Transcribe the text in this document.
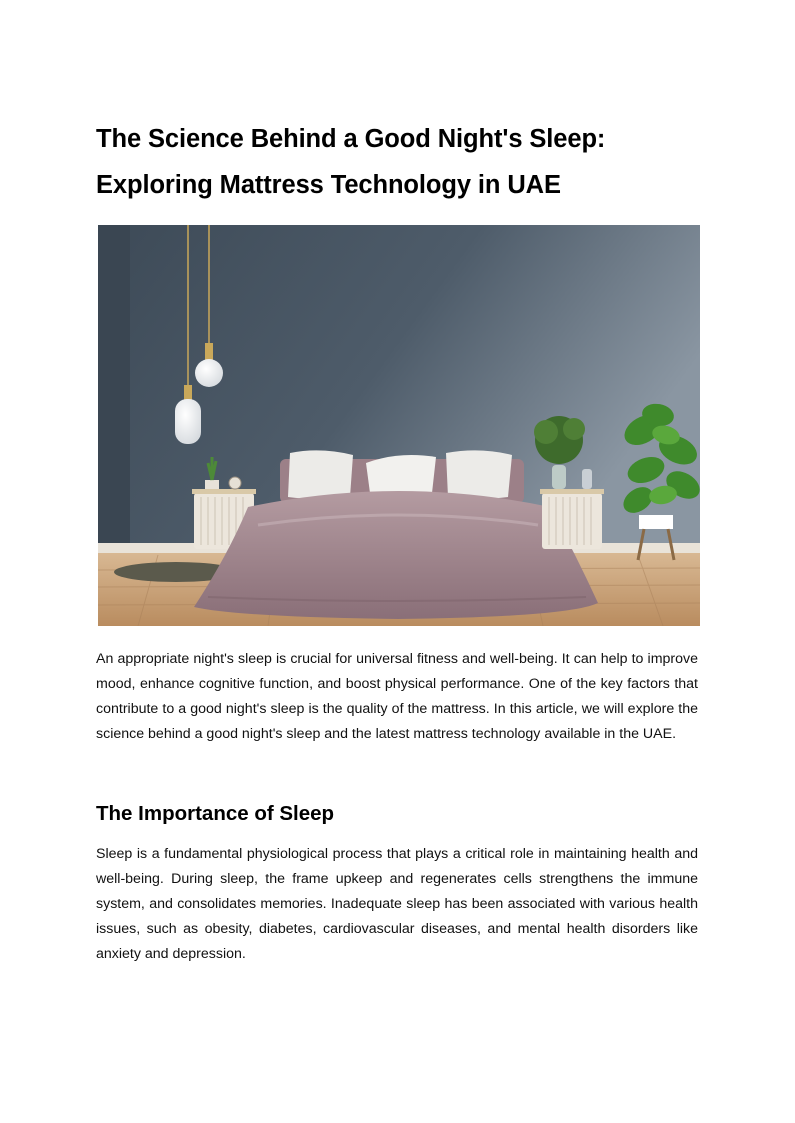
The Science Behind a Good Night's Sleep: Exploring Mattress Technology in UAE

An appropriate night's sleep is crucial for universal fitness and well-being. It can help to improve mood, enhance cognitive function, and boost physical performance. One of the key factors that contribute to a good night's sleep is the quality of the mattress. In this article, we will explore the science behind a good night's sleep and the latest mattress technology available in the UAE.

The Importance of Sleep

Sleep is a fundamental physiological process that plays a critical role in maintaining health and well-being. During sleep, the frame upkeep and regenerates cells strengthens the immune system, and consolidates memories. Inadequate sleep has been associated with various health issues, such as obesity, diabetes, cardiovascular diseases, and mental health disorders like anxiety and depression.
